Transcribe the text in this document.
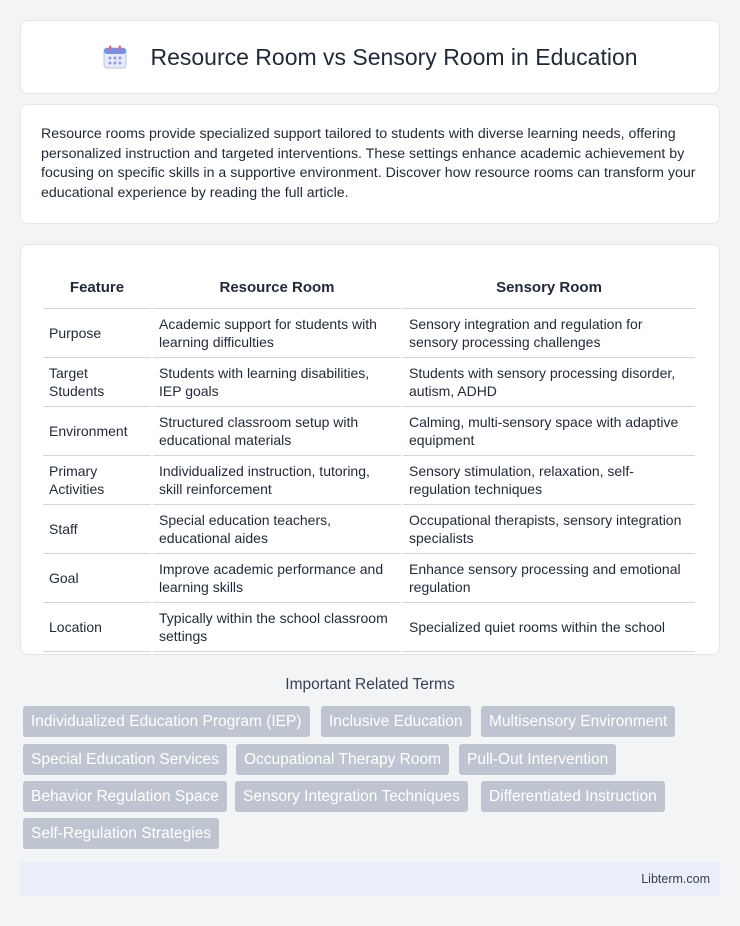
Resource Room vs Sensory Room in Education

Resource rooms provide specialized support tailored to students with diverse learning needs, offering personalized instruction and targeted interventions. These settings enhance academic achievement by focusing on specific skills in a supportive environment. Discover how resource rooms can transform your educational experience by reading the full article.

Feature	Resource Room	Sensory Room
Purpose	Academic support for students with learning difficulties	Sensory integration and regulation for sensory processing challenges
Target Students	Students with learning disabilities, IEP goals	Students with sensory processing disorder, autism, ADHD
Environment	Structured classroom setup with educational materials	Calming, multi-sensory space with adaptive equipment
Primary Activities	Individualized instruction, tutoring, skill reinforcement	Sensory stimulation, relaxation, self-regulation techniques
Staff	Special education teachers, educational aides	Occupational therapists, sensory integration specialists
Goal	Improve academic performance and learning skills	Enhance sensory processing and emotional regulation
Location	Typically within the school classroom settings	Specialized quiet rooms within the school
Important Related Terms
Individualized Education Program (IEP)	Inclusive Education	Multisensory Environment
Special Education Services	Occupational Therapy Room	Pull-Out Intervention
Behavior Regulation Space	Sensory Integration Techniques	Differentiated Instruction
Self-Regulation Strategies
Libterm.com
